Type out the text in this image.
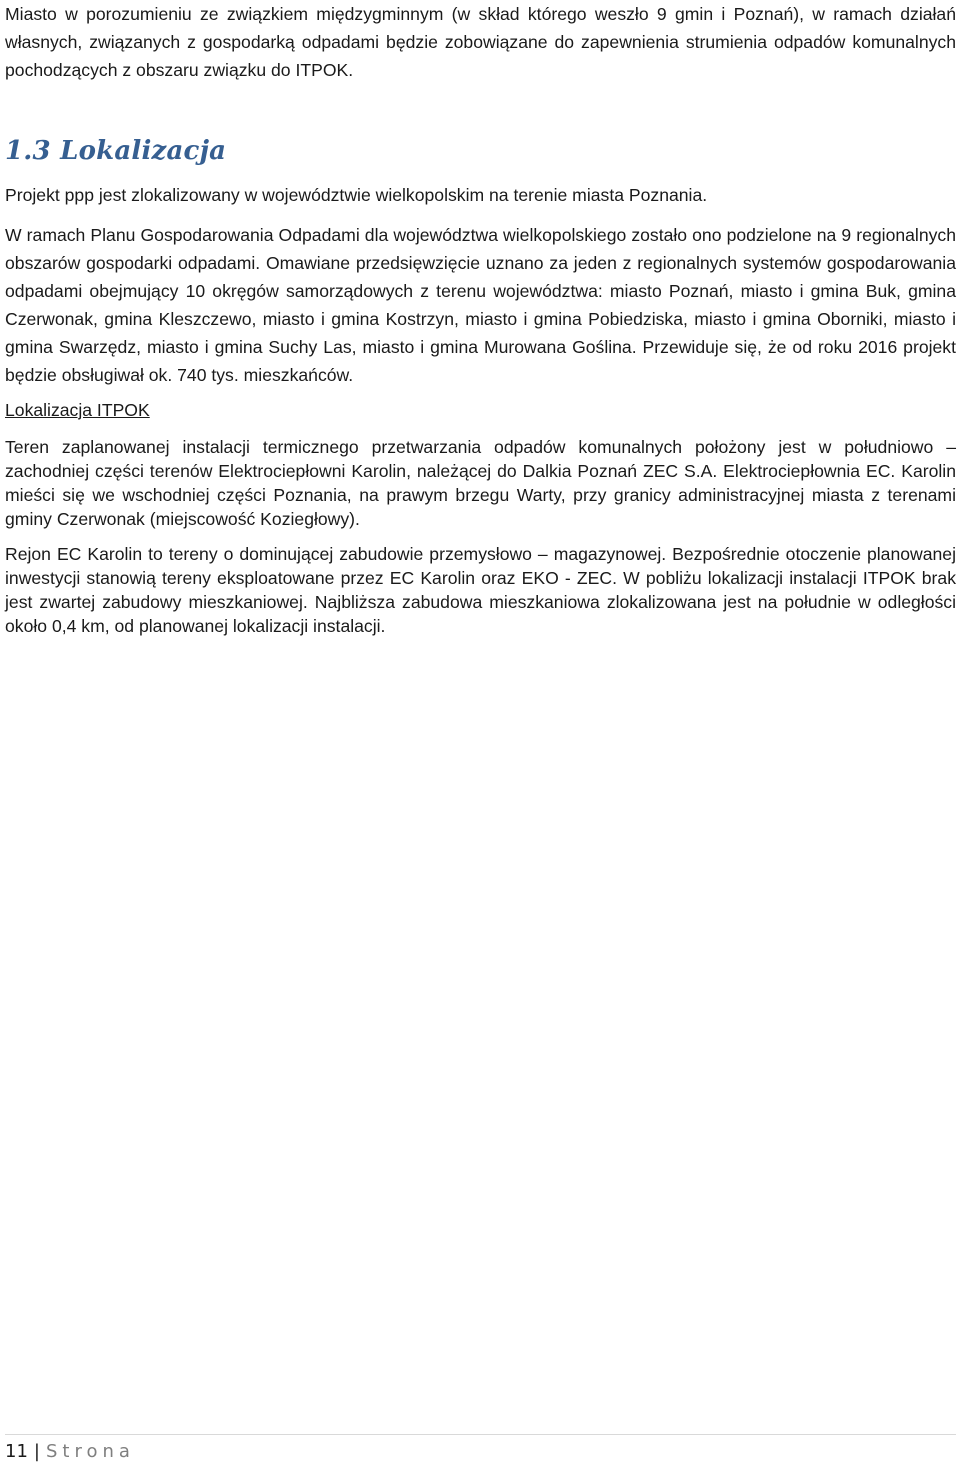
Miasto w porozumieniu ze związkiem międzygminnym (w skład którego weszło 9 gmin i Poznań), w ramach działań własnych, związanych z gospodarką odpadami będzie zobowiązane do zapewnienia strumienia odpadów komunalnych pochodzących z obszaru związku do ITPOK.

1.3 Lokalizacja

Projekt ppp jest zlokalizowany w województwie wielkopolskim na terenie miasta Poznania.

W ramach Planu Gospodarowania Odpadami dla województwa wielkopolskiego zostało ono podzielone na 9 regionalnych obszarów gospodarki odpadami. Omawiane przedsięwzięcie uznano za jeden z regionalnych systemów gospodarowania odpadami obejmujący 10 okręgów samorządowych z terenu województwa: miasto Poznań, miasto i gmina Buk, gmina Czerwonak, gmina Kleszczewo, miasto i gmina Kostrzyn, miasto i gmina Pobiedziska, miasto i gmina Oborniki, miasto i gmina Swarzędz, miasto i gmina Suchy Las, miasto i gmina Murowana Goślina. Przewiduje się, że od roku 2016 projekt będzie obsługiwał ok. 740 tys. mieszkańców.

Lokalizacja ITPOK

Teren zaplanowanej instalacji termicznego przetwarzania odpadów komunalnych położony jest w południowo – zachodniej części terenów Elektrociepłowni Karolin, należącej do Dalkia Poznań ZEC S.A. Elektrociepłownia EC. Karolin mieści się we wschodniej części Poznania, na prawym brzegu Warty, przy granicy administracyjnej miasta z terenami gminy Czerwonak (miejscowość Koziegłowy).

Rejon EC Karolin to tereny o dominującej zabudowie przemysłowo – magazynowej. Bezpośrednie otoczenie planowanej inwestycji stanowią tereny eksploatowane przez EC Karolin oraz EKO - ZEC. W pobliżu lokalizacji instalacji ITPOK brak jest zwartej zabudowy mieszkaniowej. Najbliższa zabudowa mieszkaniowa zlokalizowana jest na południe w odległości około 0,4 km, od planowanej lokalizacji instalacji.

11 | Strona
